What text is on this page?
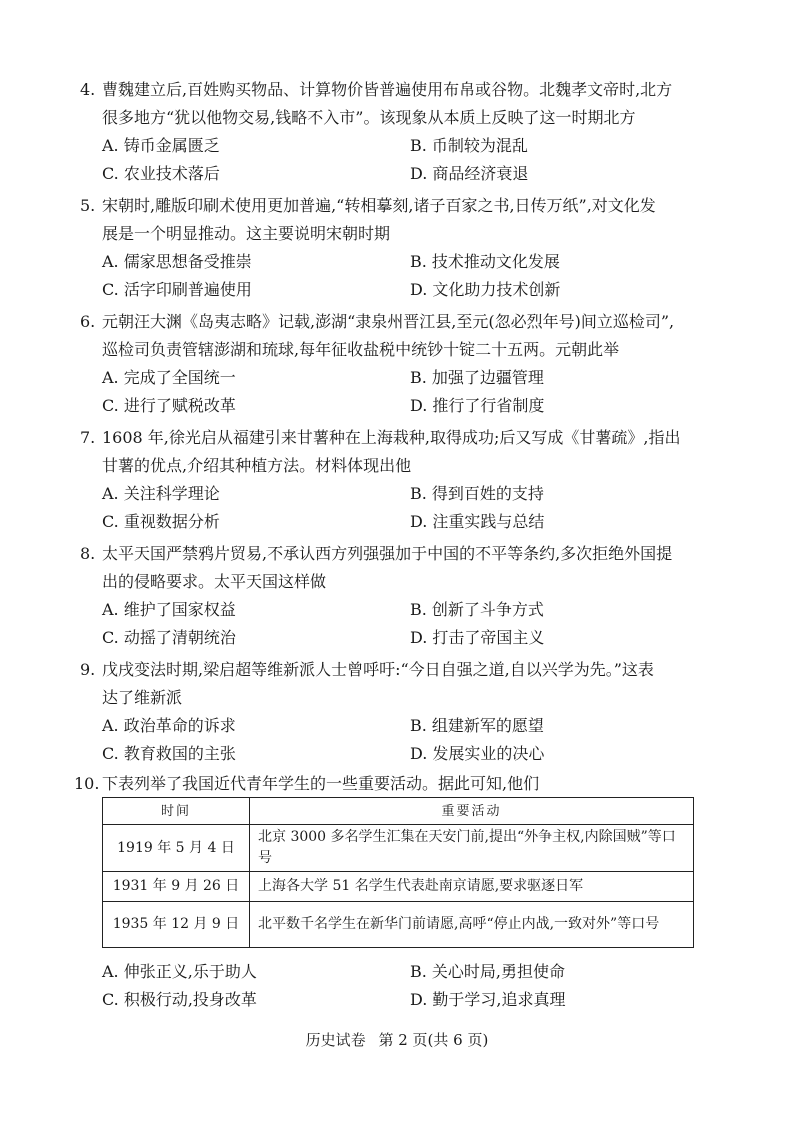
4. 曹魏建立后,百姓购买物品、计算物价皆普遍使用布帛或谷物。北魏孝文帝时,北方

很多地方“犹以他物交易,钱略不入市”。该现象从本质上反映了这一时期北方

A. 铸币金属匮乏	B. 币制较为混乱
C. 农业技术落后	D. 商品经济衰退

5. 宋朝时,雕版印刷术使用更加普遍,“转相摹刻,诸子百家之书,日传万纸”,对文化发

展是一个明显推动。这主要说明宋朝时期

A. 儒家思想备受推崇	B. 技术推动文化发展
C. 活字印刷普遍使用	D. 文化助力技术创新

6. 元朝汪大渊《岛夷志略》记载,澎湖“隶泉州晋江县,至元(忽必烈年号)间立巡检司”,

巡检司负责管辖澎湖和琉球,每年征收盐税中统钞十锭二十五两。元朝此举

A. 完成了全国统一	B. 加强了边疆管理
C. 进行了赋税改革	D. 推行了行省制度

7. 1608 年,徐光启从福建引来甘薯种在上海栽种,取得成功;后又写成《甘薯疏》,指出

甘薯的优点,介绍其种植方法。材料体现出他

A. 关注科学理论	B. 得到百姓的支持
C. 重视数据分析	D. 注重实践与总结

8. 太平天国严禁鸦片贸易,不承认西方列强强加于中国的不平等条约,多次拒绝外国提

出的侵略要求。太平天国这样做

A. 维护了国家权益	B. 创新了斗争方式
C. 动摇了清朝统治	D. 打击了帝国主义

9. 戊戌变法时期,梁启超等维新派人士曾呼吁:“今日自强之道,自以兴学为先。”这表

达了维新派

A. 政治革命的诉求	B. 组建新军的愿望
C. 教育救国的主张	D. 发展实业的决心

10. 下表列举了我国近代青年学生的一些重要活动。据此可知,他们

时间	重要活动
1919 年 5 月 4 日	北京 3000 多名学生汇集在天安门前,提出“外争主权,内除国贼”等口号
1931 年 9 月 26 日	上海各大学 51 名学生代表赴南京请愿,要求驱逐日军
1935 年 12 月 9 日	北平数千名学生在新华门前请愿,高呼“停止内战,一致对外”等口号
A. 伸张正义,乐于助人	B. 关心时局,勇担使命
C. 积极行动,投身改革	D. 勤于学习,追求真理
历史试卷 第 2 页(共 6 页)
